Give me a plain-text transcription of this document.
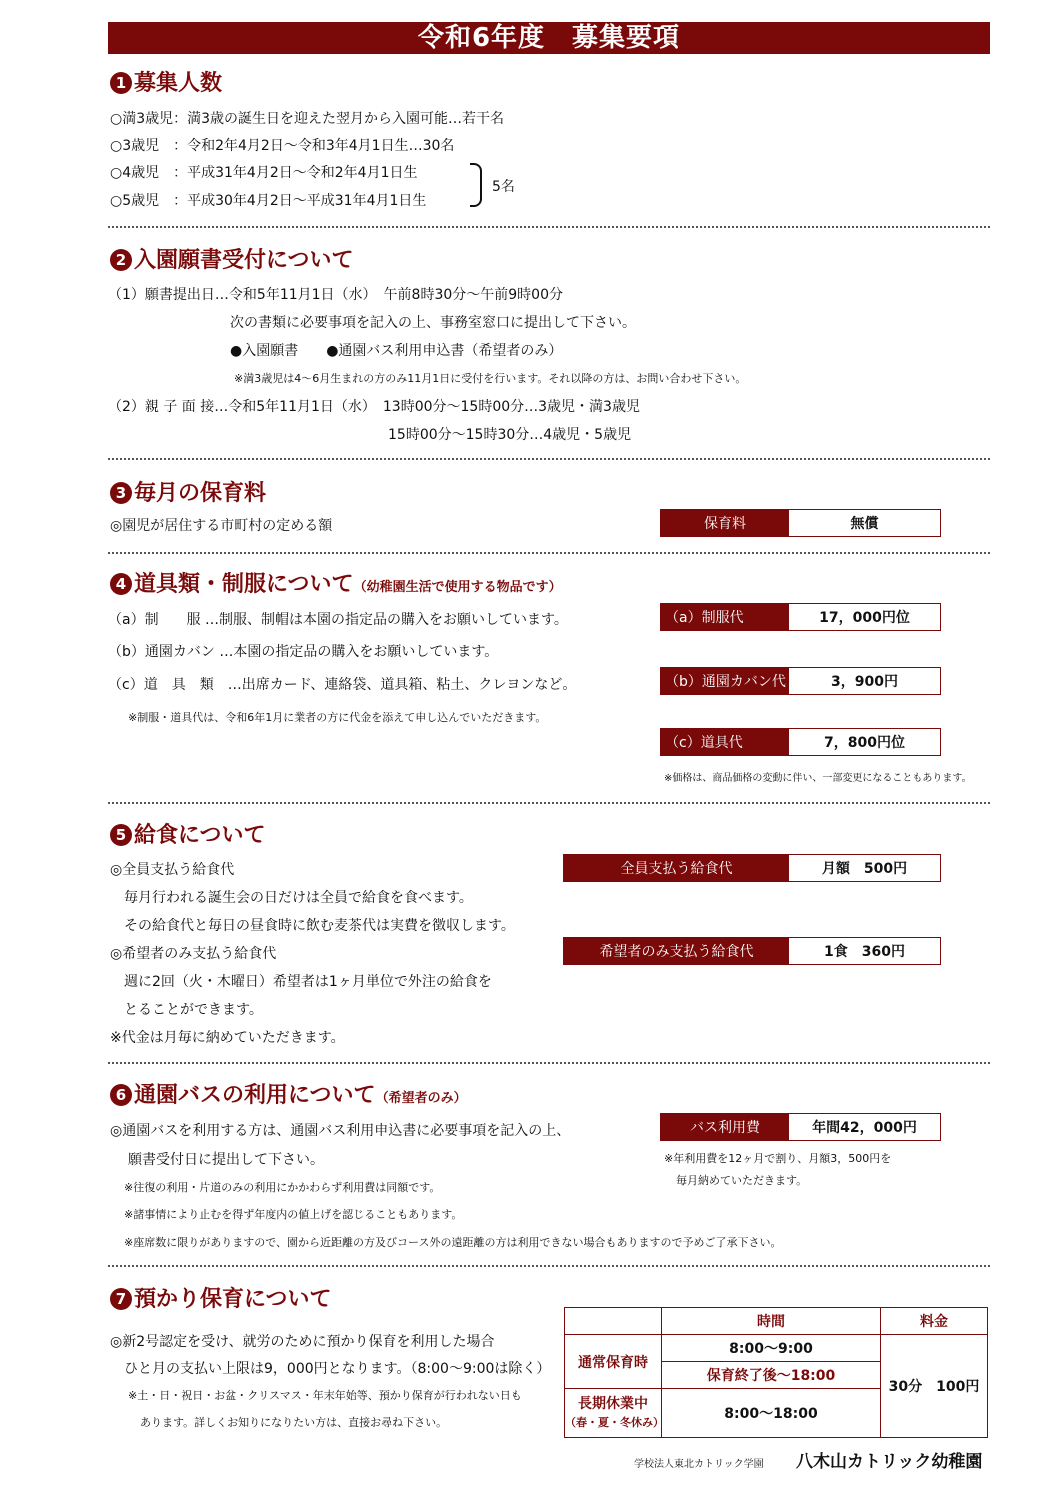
令和6年度　募集要項
1 募集人数
○満3歳児：満3歳の誕生日を迎えた翌月から入園可能…若干名
○3歳児　：令和2年4月2日～令和3年4月1日生…30名
○4歳児　：平成31年4月2日～令和2年4月1日生
○5歳児　：平成30年4月2日～平成31年4月1日生
5名
2 入園願書受付について
（1）願書提出日…令和5年11月1日（水）　午前8時30分～午前9時00分
次の書類に必要事項を記入の上、事務室窓口に提出して下さい。
●入園願書　　●通園バス利用申込書（希望者のみ）
※満3歳児は4～6月生まれの方のみ11月1日に受付を行います。それ以降の方は、お問い合わせ下さい。
（2）親 子 面 接…令和5年11月1日（水）　13時00分～15時00分…3歳児・満3歳児
15時00分～15時30分…4歳児・5歳児
3 毎月の保育料
◎園児が居住する市町村の定める額	保育料	無償
4 道具類・制服について（幼稚園生活で使用する物品です）
（a）制　　服 …制服、制帽は本園の指定品の購入をお願いしています。
（b）通園カバン …本園の指定品の購入をお願いしています。
（c）道　具　類　…出席カード、連絡袋、道具箱、粘土、クレヨンなど。
※制服・道具代は、令和6年1月に業者の方に代金を添えて申し込んでいただきます。
（a）制服代	17，000円位
（b）通園カバン代	3，900円
（c）道具代	7，800円位
※価格は、商品価格の変動に伴い、一部変更になることもあります。
5 給食について
◎全員支払う給食代
毎月行われる誕生会の日だけは全員で給食を食べます。
その給食代と毎日の昼食時に飲む麦茶代は実費を徴収します。
◎希望者のみ支払う給食代
週に2回（火・木曜日）希望者は1ヶ月単位で外注の給食を
とることができます。
※代金は月毎に納めていただきます。
全員支払う給食代	月額　500円
希望者のみ支払う給食代	1食　360円
6 通園バスの利用について（希望者のみ）
◎通園バスを利用する方は、通園バス利用申込書に必要事項を記入の上、
願書受付日に提出して下さい。
※往復の利用・片道のみの利用にかかわらず利用費は同額です。
※諸事情により止むを得ず年度内の値上げを認じることもあります。
※座席数に限りがありますので、園から近距離の方及びコース外の遠距離の方は利用できない場合もありますので予めご了承下さい。
バス利用費	年間42，000円
※年利用費を12ヶ月で割り、月額3，500円を
毎月納めていただきます。
7 預かり保育について
◎新2号認定を受け、就労のために預かり保育を利用した場合
ひと月の支払い上限は9，000円となります。（8:00～9:00は除く）
※土・日・祝日・お盆・クリスマス・年末年始等、預かり保育が行われない日も
あります。詳しくお知りになりたい方は、直接お尋ね下さい。
	時間	料金
通常保育時	8:00～9:00	30分　100円
	保育終了後～18:00	

長期休業中
（春・夏・冬休み）	8:00～18:00	
学校法人東北カトリック学園 八木山カトリック幼稚園
